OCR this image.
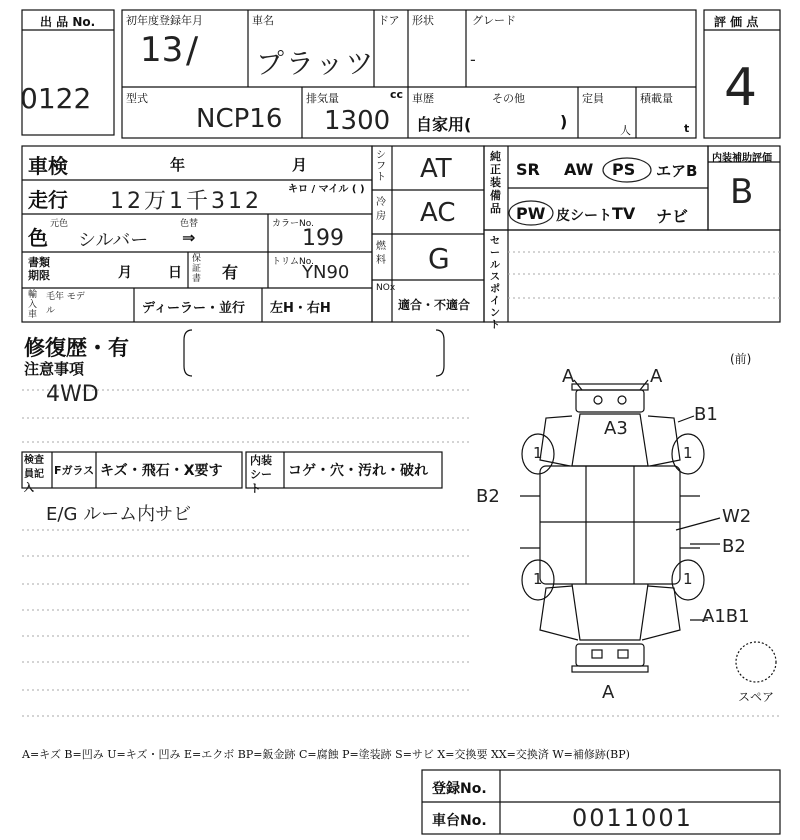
出 品 No.
0122
初年度登録年月
13 /
車名
プラッツ
ドア 形状	グレード
-
型式
NCP16
排気量	cc
1300
車歴	その他
自家用(	)
定員
人
積載量
t
評 価 点
4
車検	年	月
走行 12万1千312	キロ / マイル ( )
色
元色
シルバー
色替
⇒
カラーNo.
199
書類期限	月	日
保証書 有
トリムNo.
YN90
輸入車
毛年 モデル	ディーラー・並行 左H・右H
シフト AT
冷房 AC
燃料 G
NOx
適合・不適合
純正装備品
SR AW PS エアB
PW 皮シート TV ナビ
内装補助評価
B
セールスポイント
修復歴・有
注意事項
4WD
検査員記入
Fガラス キズ・飛石・X要す
内装シート
コゲ・穴・汚れ・破れ
E/G ルーム内サビ
(前)
A	A
A3
B1
B2
W2
B2
A1B1
A
1	1
1	1
スペア
A=キズ B=凹み U=キズ・凹み E=エクボ BP=鈑金跡 C=腐蝕 P=塗装跡 S=サビ X=交換要 XX=交換済 W=補修跡(BP)
登録No.
車台No.	0011001
